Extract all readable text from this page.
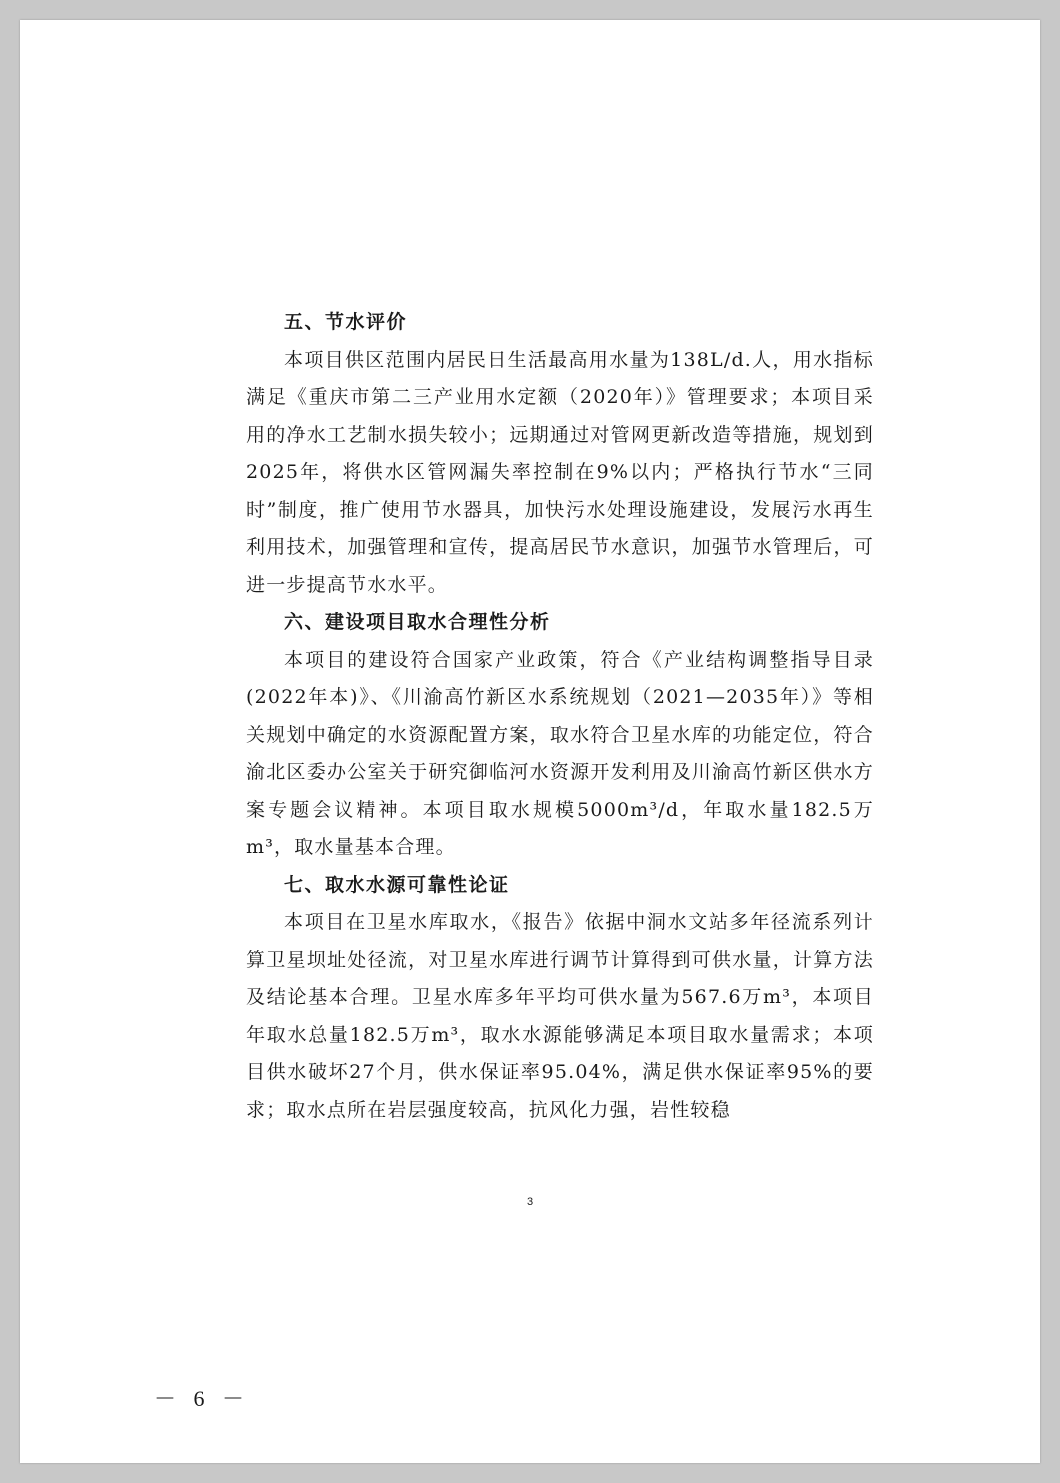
五、节水评价

本项目供区范围内居民日生活最高用水量为138L/d.人，用水指标满足《重庆市第二三产业用水定额（2020年）》管理要求；本项目采用的净水工艺制水损失较小；远期通过对管网更新改造等措施，规划到2025年，将供水区管网漏失率控制在9%以内；严格执行节水“三同时”制度，推广使用节水器具，加快污水处理设施建设，发展污水再生利用技术，加强管理和宣传，提高居民节水意识，加强节水管理后，可进一步提高节水水平。

六、建设项目取水合理性分析

本项目的建设符合国家产业政策，符合《产业结构调整指导目录(2022年本)》、《川渝高竹新区水系统规划（2021—2035年）》等相关规划中确定的水资源配置方案，取水符合卫星水库的功能定位，符合渝北区委办公室关于研究御临河水资源开发利用及川渝高竹新区供水方案专题会议精神。本项目取水规模5000m³/d，年取水量182.5万m³，取水量基本合理。

七、取水水源可靠性论证

本项目在卫星水库取水，《报告》依据中洞水文站多年径流系列计算卫星坝址处径流，对卫星水库进行调节计算得到可供水量，计算方法及结论基本合理。卫星水库多年平均可供水量为567.6万m³，本项目年取水总量182.5万m³，取水水源能够满足本项目取水量需求；本项目供水破坏27个月，供水保证率95.04%，满足供水保证率95%的要求；取水点所在岩层强度较高，抗风化力强，岩性较稳

3
－ 6 －
